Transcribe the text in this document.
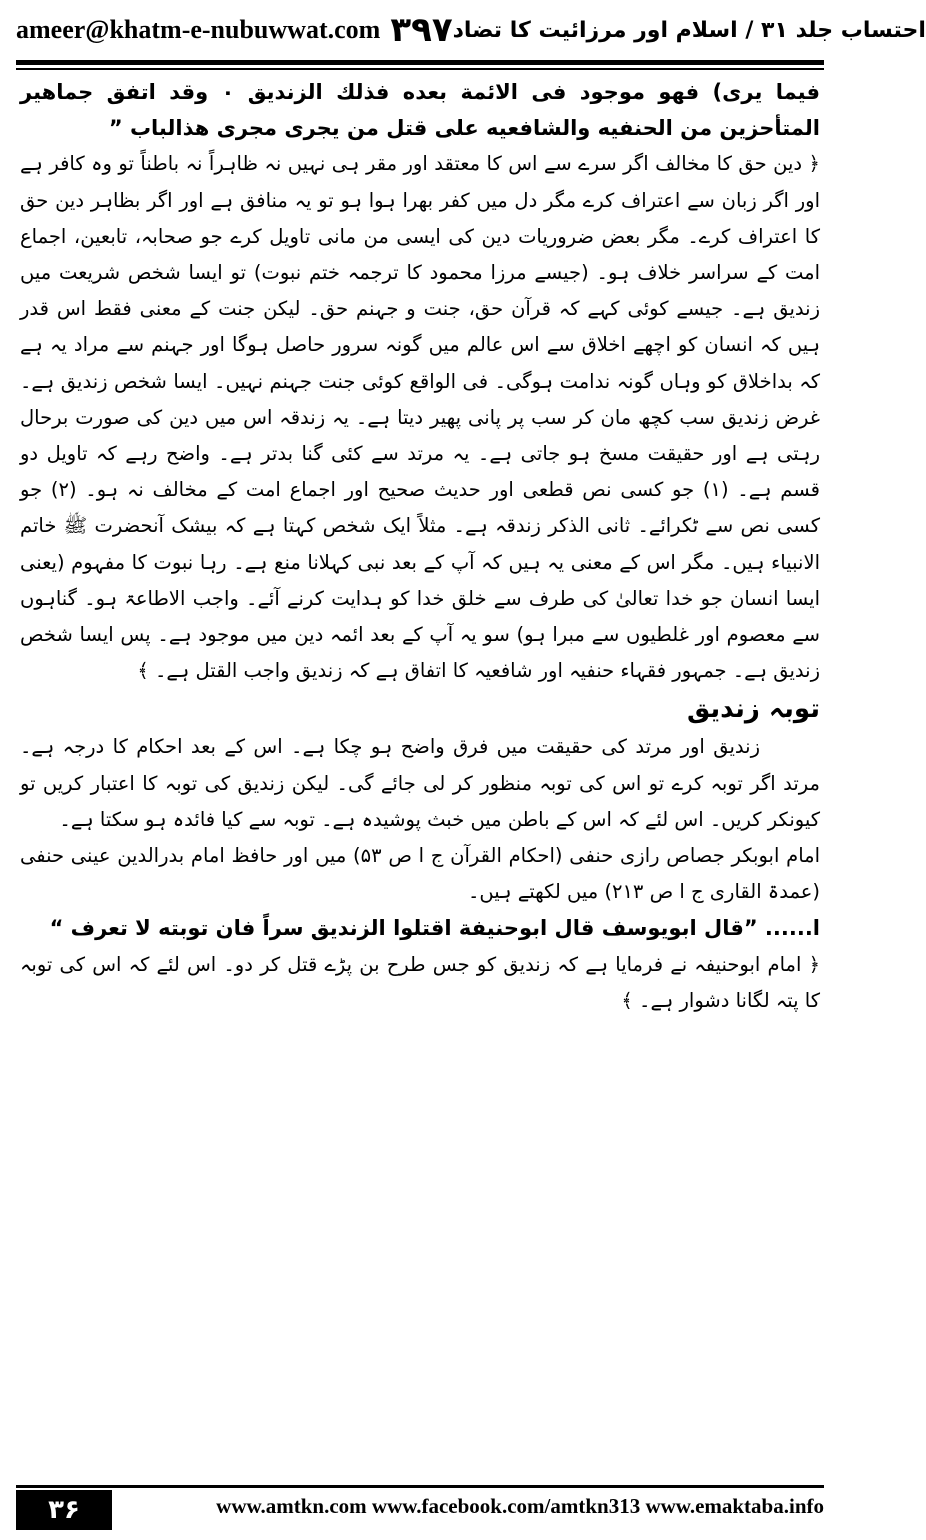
ameer@khatm-e-nubuwwat.com ۳۹۷ احتساب جلد ۳۱ / اسلام اور مرزائیت کا تضاد

فیما یری) فهو موجود فی الائمة بعده فذلك الزنديق ۰ وقد اتفق جماهير المتأحزين من الحنفيه والشافعيه على قتل من يجرى مجرى هذالباب ”

﴿ دین حق کا مخالف اگر سرے سے اس کا معتقد اور مقر ہی نہیں نہ ظاہراً نہ باطناً تو وہ کافر ہے اور اگر زبان سے اعتراف کرے مگر دل میں کفر بھرا ہوا ہو تو یہ منافق ہے اور اگر بظاہر دین حق کا اعتراف کرے۔ مگر بعض ضروریات دین کی ایسی من مانی تاویل کرے جو صحابہ، تابعین، اجماع امت کے سراسر خلاف ہو۔ (جیسے مرزا محمود کا ترجمہ ختم نبوت) تو ایسا شخص شریعت میں زندیق ہے۔ جیسے کوئی کہے کہ قرآن حق، جنت و جہنم حق۔ لیکن جنت کے معنی فقط اس قدر ہیں کہ انسان کو اچھے اخلاق سے اس عالم میں گونہ سرور حاصل ہوگا اور جہنم سے مراد یہ ہے کہ بداخلاق کو وہاں گونہ ندامت ہوگی۔ فی الواقع کوئی جنت جہنم نہیں۔ ایسا شخص زندیق ہے۔ غرض زندیق سب کچھ مان کر سب پر پانی پھیر دیتا ہے۔ یہ زندقہ اس میں دین کی صورت برحال رہتی ہے اور حقیقت مسخ ہو جاتی ہے۔ یہ مرتد سے کئی گنا بدتر ہے۔ واضح رہے کہ تاویل دو قسم ہے۔ (۱) جو کسی نص قطعی اور حدیث صحیح اور اجماع امت کے مخالف نہ ہو۔ (۲) جو کسی نص سے ٹکرائے۔ ثانی الذکر زندقہ ہے۔ مثلاً ایک شخص کہتا ہے کہ بیشک آنحضرت ﷺ خاتم الانبیاء ہیں۔ مگر اس کے معنی یہ ہیں کہ آپ کے بعد نبی کہلانا منع ہے۔ رہا نبوت کا مفہوم (یعنی ایسا انسان جو خدا تعالیٰ کی طرف سے خلق خدا کو ہدایت کرنے آئے۔ واجب الاطاعۃ ہو۔ گناہوں سے معصوم اور غلطیوں سے مبرا ہو) سو یہ آپ کے بعد ائمہ دین میں موجود ہے۔ پس ایسا شخص زندیق ہے۔ جمہور فقہاء حنفیہ اور شافعیہ کا اتفاق ہے کہ زندیق واجب القتل ہے۔ ﴾

توبہ زندیق

زندیق اور مرتد کی حقیقت میں فرق واضح ہو چکا ہے۔ اس کے بعد احکام کا درجہ ہے۔ مرتد اگر توبہ کرے تو اس کی توبہ منظور کر لی جائے گی۔ لیکن زندیق کی توبہ کا اعتبار کریں تو کیونکر کریں۔ اس لئے کہ اس کے باطن میں خبث پوشیدہ ہے۔ توبہ سے کیا فائدہ ہو سکتا ہے۔

امام ابوبکر جصاص رازی حنفی (احکام القرآن ج ا ص ۵۳) میں اور حافظ امام بدرالدین عینی حنفی (عمدۃ القاری ج ا ص ۲۱۳) میں لکھتے ہیں۔

ا...... ”قال ابویوسف قال ابوحنيفة اقتلوا الزنديق سراً فان توبته لا تعرف “

﴿ امام ابوحنیفہ نے فرمایا ہے کہ زندیق کو جس طرح بن پڑے قتل کر دو۔ اس لئے کہ اس کی توبہ کا پتہ لگانا دشوار ہے۔ ﴾

۳۶	www.amtkn.com www.facebook.com/amtkn313 www.emaktaba.info
